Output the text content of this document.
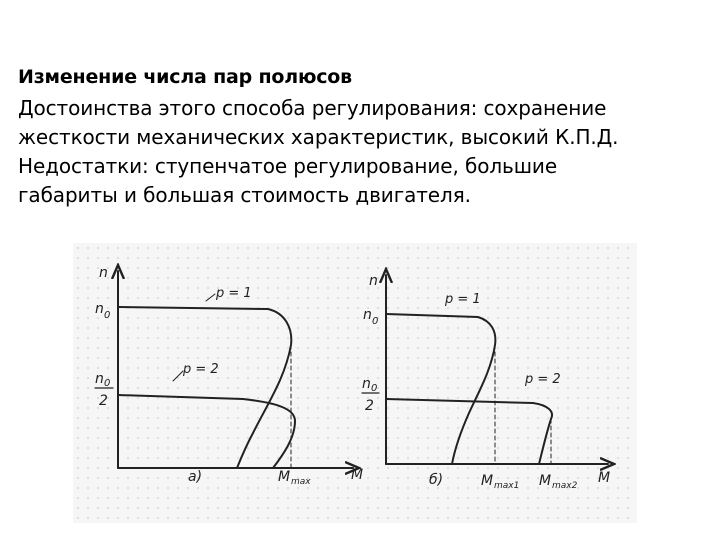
Изменение числа пар полюсов
Достоинства этого способа регулирования: сохранение
жесткости механических характеристик, высокий К.П.Д.
Недостатки: ступенчатое регулирование, большие
габариты и большая стоимость двигателя.
n
M
n 0
n 0
2
p = 1
p = 2
M max
а)
n
M
n 0
n 0
2
p = 1
p = 2
M max1 M max2
б)
